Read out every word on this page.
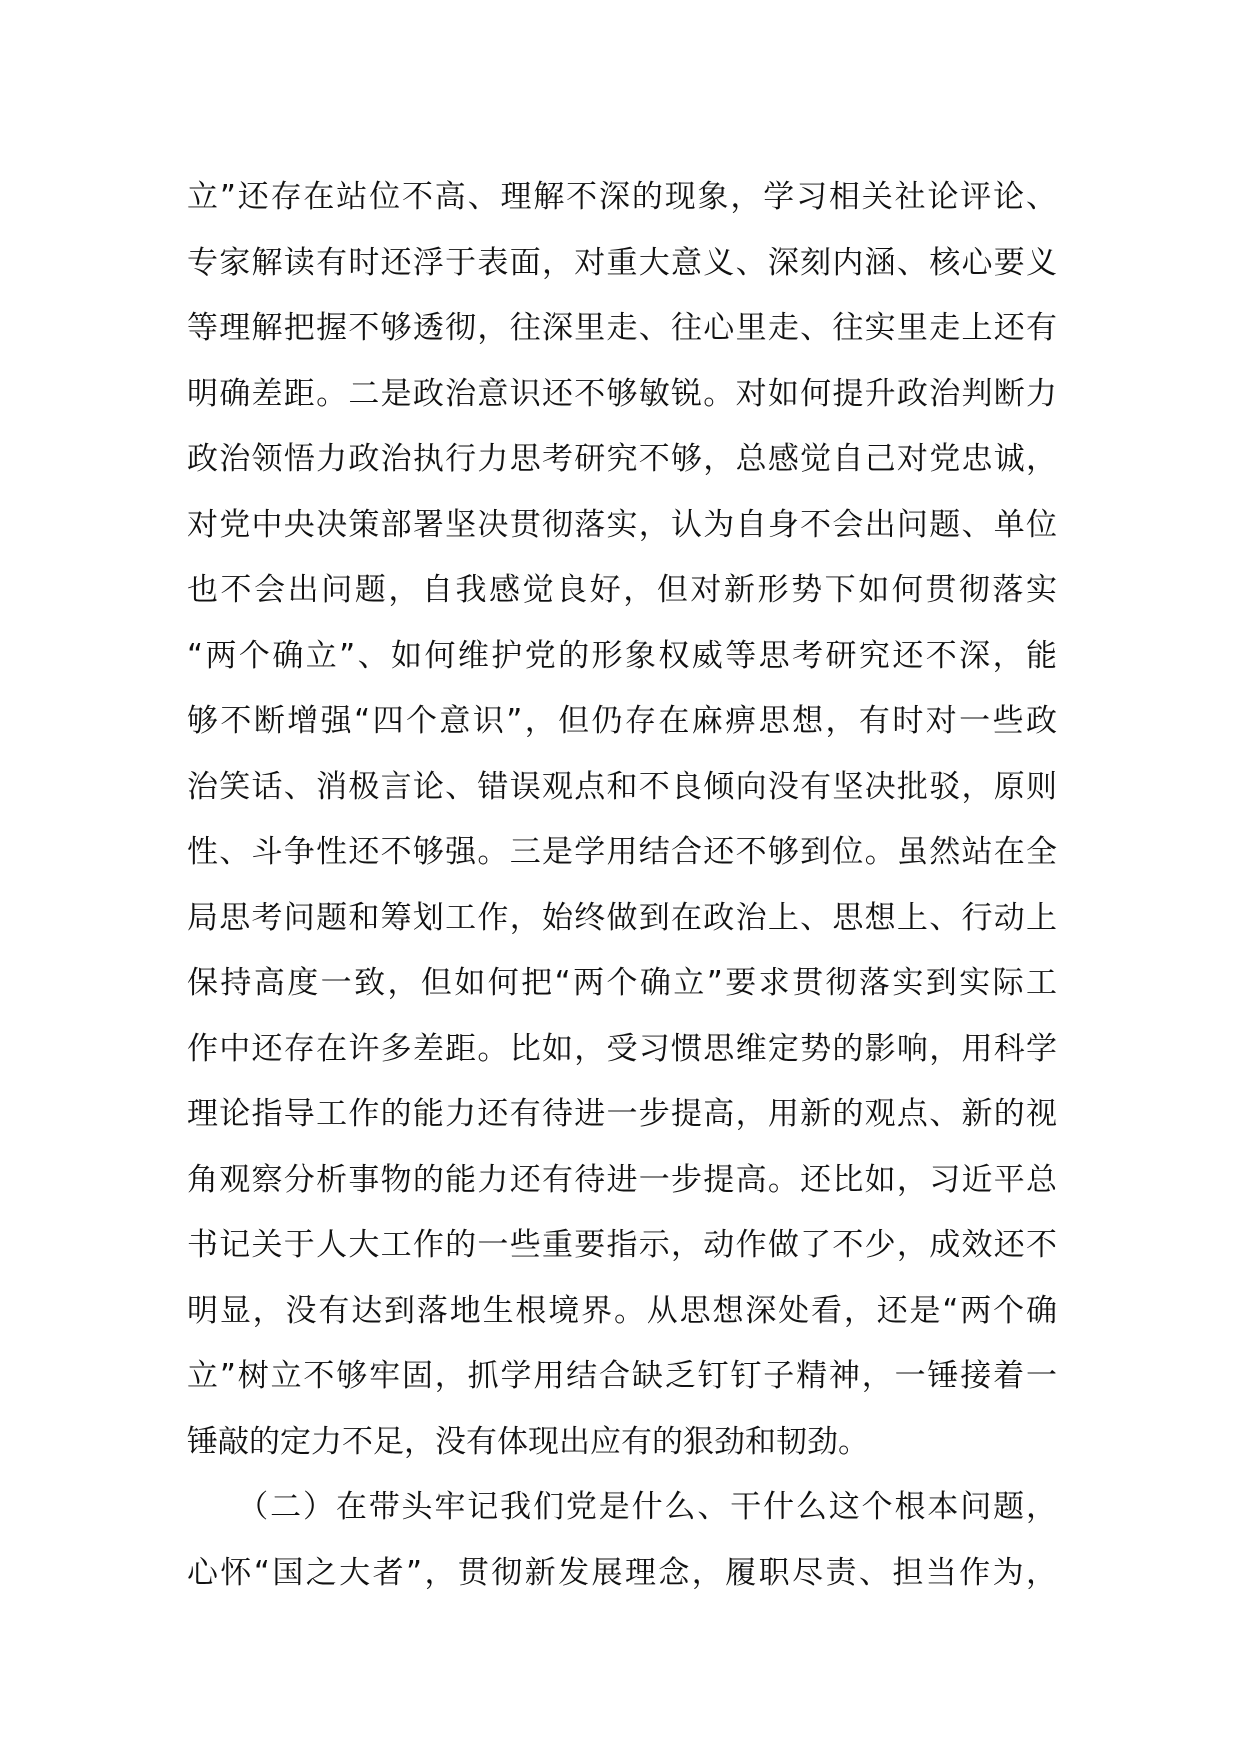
立”还存在站位不高、理解不深的现象，学习相关社论评论、
专家解读有时还浮于表面，对重大意义、深刻内涵、核心要义
等理解把握不够透彻，往深里走、往心里走、往实里走上还有
明确差距。二是政治意识还不够敏锐。对如何提升政治判断力
政治领悟力政治执行力思考研究不够，总感觉自己对党忠诚，
对党中央决策部署坚决贯彻落实，认为自身不会出问题、单位
也不会出问题，自我感觉良好，但对新形势下如何贯彻落实
“两个确立”、如何维护党的形象权威等思考研究还不深，能
够不断增强“四个意识”，但仍存在麻痹思想，有时对一些政
治笑话、消极言论、错误观点和不良倾向没有坚决批驳，原则
性、斗争性还不够强。三是学用结合还不够到位。虽然站在全
局思考问题和筹划工作，始终做到在政治上、思想上、行动上
保持高度一致，但如何把“两个确立”要求贯彻落实到实际工
作中还存在许多差距。比如，受习惯思维定势的影响，用科学
理论指导工作的能力还有待进一步提高，用新的观点、新的视
角观察分析事物的能力还有待进一步提高。还比如，习近平总
书记关于人大工作的一些重要指示，动作做了不少，成效还不
明显，没有达到落地生根境界。从思想深处看，还是“两个确
立”树立不够牢固，抓学用结合缺乏钉钉子精神，一锤接着一
锤敲的定力不足，没有体现出应有的狠劲和韧劲。
　　（二）在带头牢记我们党是什么、干什么这个根本问题，
心怀“国之大者”，贯彻新发展理念，履职尽责、担当作为，
